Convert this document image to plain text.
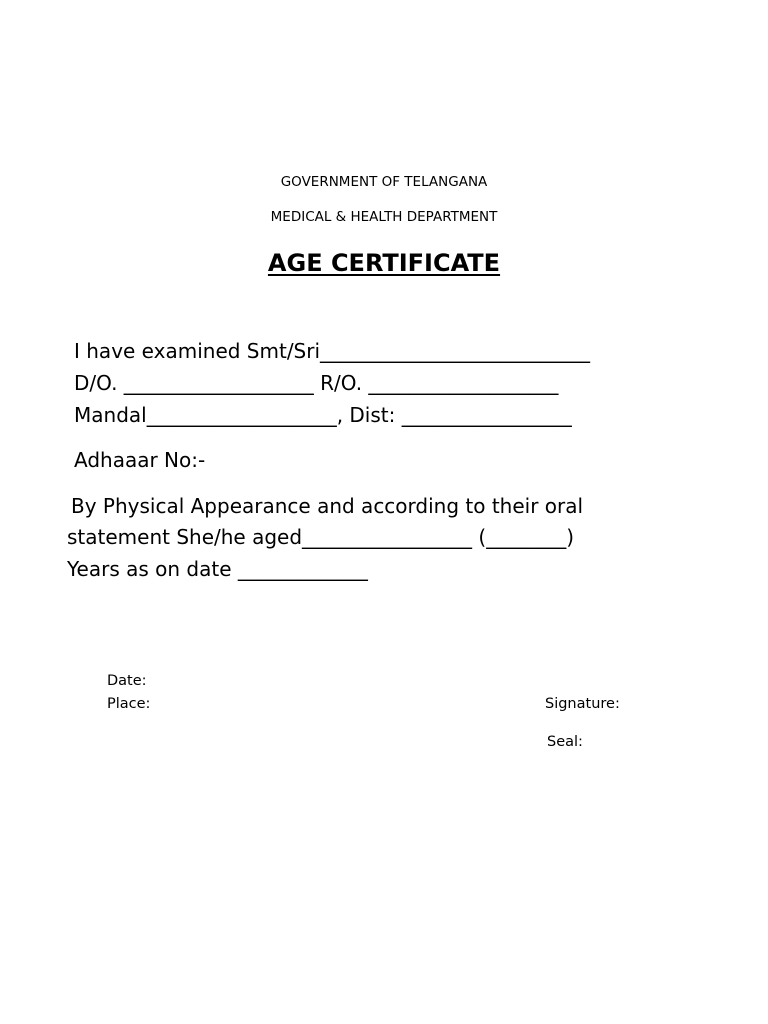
GOVERNMENT OF TELANGANA
MEDICAL & HEALTH DEPARTMENT
AGE CERTIFICATE
I have examined Smt/Sri___________________________
D/O. ___________________ R/O. ___________________
Mandal___________________, Dist: _________________
Adhaaar No:-
By Physical Appearance and according to their oral
statement She/he aged_________________ (________)
Years as on date _____________
Date:
Place:	Signature:
Seal:
